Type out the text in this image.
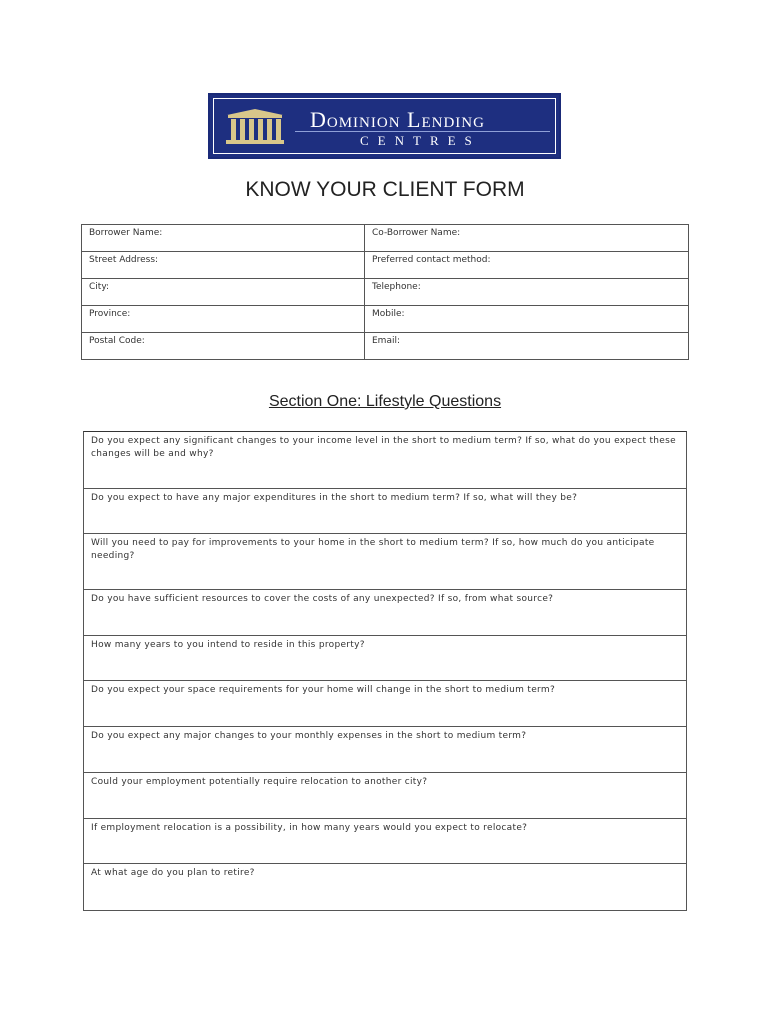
Dominion Lending
CENTRES
KNOW YOUR CLIENT FORM
Borrower Name:	Co-Borrower Name:
Street Address:	Preferred contact method:
City:	Telephone:
Province:	Mobile:
Postal Code:	Email:
Section One: Lifestyle Questions
Do you expect any significant changes to your income level in the short to medium term? If so, what do you expect these changes will be and why?
Do you expect to have any major expenditures in the short to medium term? If so, what will they be?
Will you need to pay for improvements to your home in the short to medium term? If so, how much do you anticipate needing?
Do you have sufficient resources to cover the costs of any unexpected? If so, from what source?
How many years to you intend to reside in this property?
Do you expect your space requirements for your home will change in the short to medium term?
Do you expect any major changes to your monthly expenses in the short to medium term?
Could your employment potentially require relocation to another city?
If employment relocation is a possibility, in how many years would you expect to relocate?
At what age do you plan to retire?
